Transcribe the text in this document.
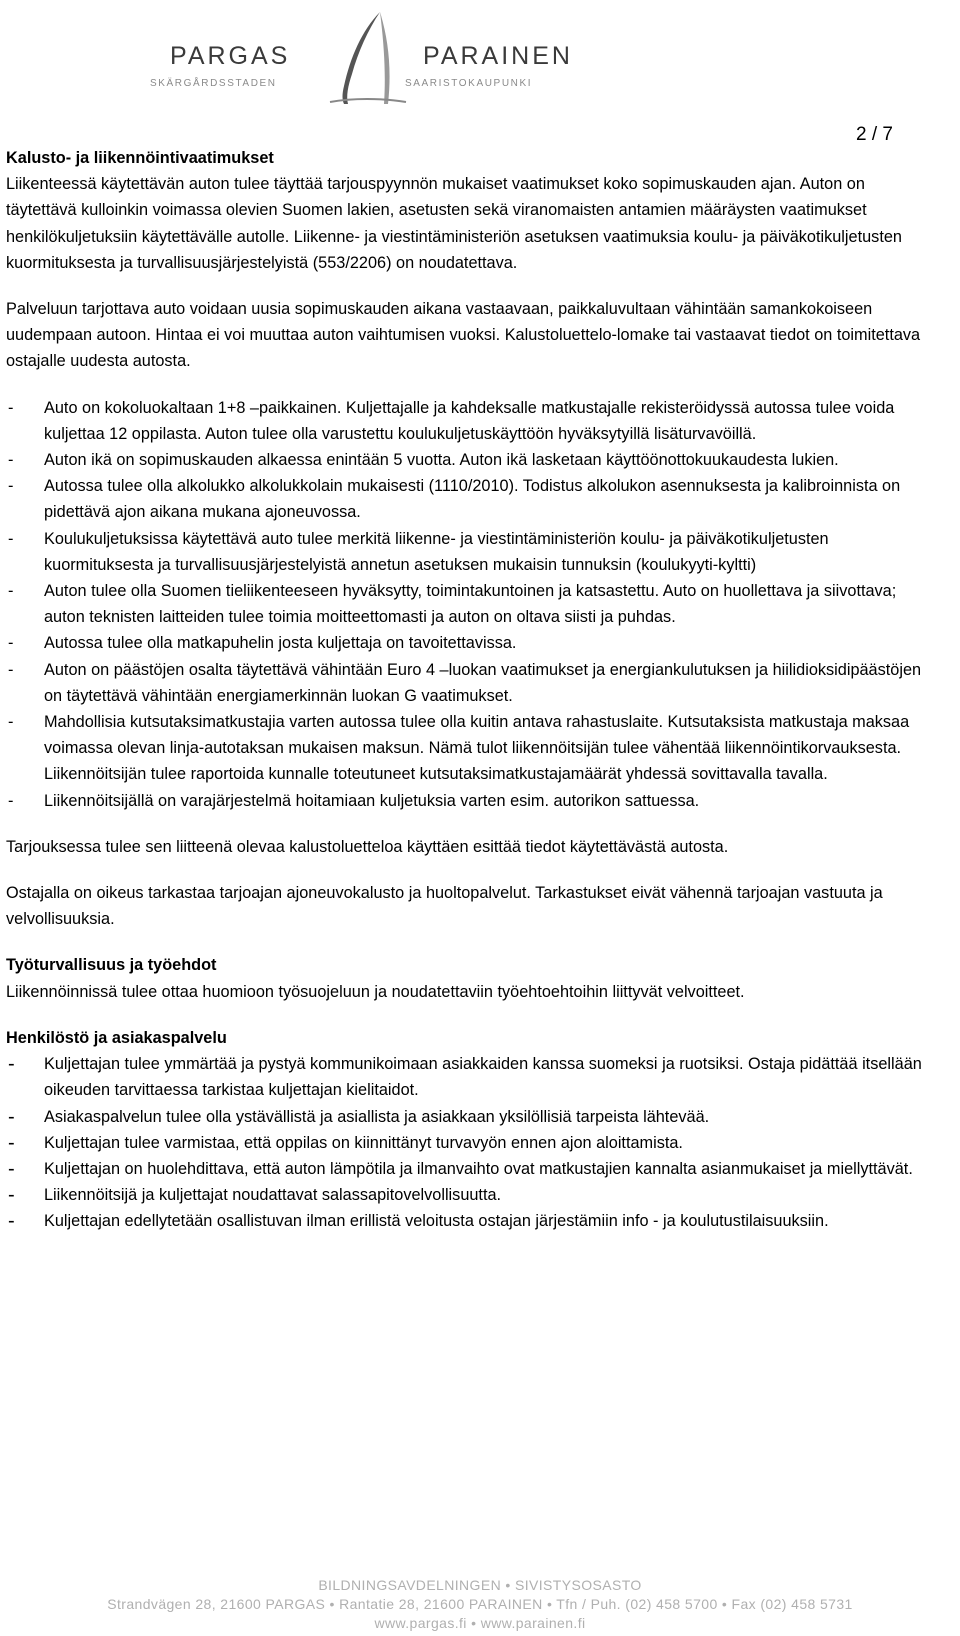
PARGAS	PARAINEN
SKÄRGÅRDSSTADEN	SAARISTOKAUPUNKI
2 / 7

Kalusto- ja liikennöintivaatimukset

Liikenteessä käytettävän auton tulee täyttää tarjouspyynnön mukaiset vaatimukset koko sopimuskauden ajan. Auton on täytettävä kulloinkin voimassa olevien Suomen lakien, asetusten sekä viranomaisten antamien määräysten vaatimukset henkilökuljetuksiin käytettävälle autolle. Liikenne- ja viestintäministeriön asetuksen vaatimuksia koulu- ja päiväkotikuljetusten kuormituksesta ja turvallisuusjärjestelyistä (553/2206) on noudatettava.

Palveluun tarjottava auto voidaan uusia sopimuskauden aikana vastaavaan, paikkaluvultaan vähintään samankokoiseen uudempaan autoon. Hintaa ei voi muuttaa auton vaihtumisen vuoksi. Kalustoluettelo-lomake tai vastaavat tiedot on toimitettava ostajalle uudesta autosta.

- Auto on kokoluokaltaan 1+8 –paikkainen. Kuljettajalle ja kahdeksalle matkustajalle rekisteröidyssä autossa tulee voida kuljettaa 12 oppilasta. Auton tulee olla varustettu koulukuljetuskäyttöön hyväksytyillä lisäturvavöillä.
- Auton ikä on sopimuskauden alkaessa enintään 5 vuotta. Auton ikä lasketaan käyttöönottokuukaudesta lukien.
- Autossa tulee olla alkolukko alkolukkolain mukaisesti (1110/2010). Todistus alkolukon asennuksesta ja kalibroinnista on pidettävä ajon aikana mukana ajoneuvossa.
- Koulukuljetuksissa käytettävä auto tulee merkitä liikenne- ja viestintäministeriön koulu- ja päiväkotikuljetusten kuormituksesta ja turvallisuusjärjestelyistä annetun asetuksen mukaisin tunnuksin (koulukyyti-kyltti)
- Auton tulee olla Suomen tieliikenteeseen hyväksytty, toimintakuntoinen ja katsastettu. Auto on huollettava ja siivottava; auton teknisten laitteiden tulee toimia moitteettomasti ja auton on oltava siisti ja puhdas.
- Autossa tulee olla matkapuhelin josta kuljettaja on tavoitettavissa.
- Auton on päästöjen osalta täytettävä vähintään Euro 4 –luokan vaatimukset ja energiankulutuksen ja hiilidioksidipäästöjen on täytettävä vähintään energiamerkinnän luokan G vaatimukset.
- Mahdollisia kutsutaksimatkustajia varten autossa tulee olla kuitin antava rahastuslaite. Kutsutaksista matkustaja maksaa voimassa olevan linja-autotaksan mukaisen maksun. Nämä tulot liikennöitsijän tulee vähentää liikennöintikorvauksesta. Liikennöitsijän tulee raportoida kunnalle toteutuneet kutsutaksimatkustajamäärät yhdessä sovittavalla tavalla.
- Liikennöitsijällä on varajärjestelmä hoitamiaan kuljetuksia varten esim. autorikon sattuessa.

Tarjouksessa tulee sen liitteenä olevaa kalustoluetteloa käyttäen esittää tiedot käytettävästä autosta.

Ostajalla on oikeus tarkastaa tarjoajan ajoneuvokalusto ja huoltopalvelut. Tarkastukset eivät vähennä tarjoajan vastuuta ja velvollisuuksia.

Työturvallisuus ja työehdot

Liikennöinnissä tulee ottaa huomioon työsuojeluun ja noudatettaviin työehtoehtoihin liittyvät velvoitteet.

Henkilöstö ja asiakaspalvelu

- Kuljettajan tulee ymmärtää ja pystyä kommunikoimaan asiakkaiden kanssa suomeksi ja ruotsiksi. Ostaja pidättää itsellään oikeuden tarvittaessa tarkistaa kuljettajan kielitaidot.
- Asiakaspalvelun tulee olla ystävällistä ja asiallista ja asiakkaan yksilöllisiä tarpeista lähtevää.
- Kuljettajan tulee varmistaa, että oppilas on kiinnittänyt turvavyön ennen ajon aloittamista.
- Kuljettajan on huolehdittava, että auton lämpötila ja ilmanvaihto ovat matkustajien kannalta asianmukaiset ja miellyttävät.
- Liikennöitsijä ja kuljettajat noudattavat salassapitovelvollisuutta.
- Kuljettajan edellytetään osallistuvan ilman erillistä veloitusta ostajan järjestämiin info - ja koulutustilaisuuksiin.
BILDNINGSAVDELNINGEN • SIVISTYSOSASTO
Strandvägen 28, 21600 PARGAS • Rantatie 28, 21600 PARAINEN • Tfn / Puh. (02) 458 5700 • Fax (02) 458 5731
www.pargas.fi • www.parainen.fi
